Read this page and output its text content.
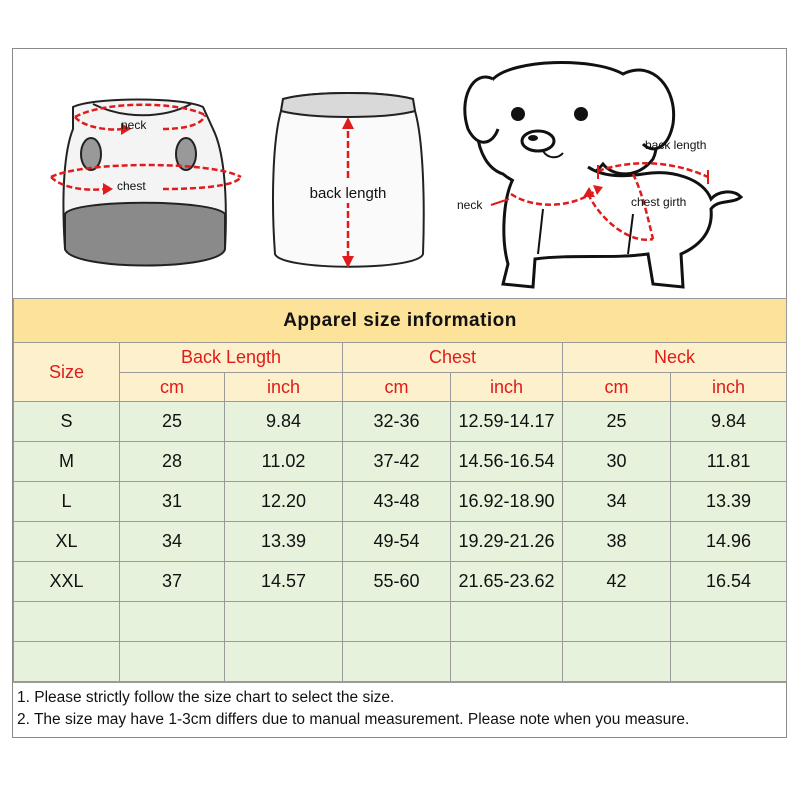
neck
chest	back length
neck
back length
chest girth
Apparel size information						
Size	Back Length		Chest		Neck	
	cm	inch	cm	inch	cm	inch
S	25	9.84	32-36	12.59-14.17	25	9.84
M	28	11.02	37-42	14.56-16.54	30	11.81
L	31	12.20	43-48	16.92-18.90	34	13.39
XL	34	13.39	49-54	19.29-21.26	38	14.96
XXL	37	14.57	55-60	21.65-23.62	42	16.54

1. Please strictly follow the size chart to select the size.
2. The size may have 1-3cm differs due to manual measurement. Please note when you measure.
